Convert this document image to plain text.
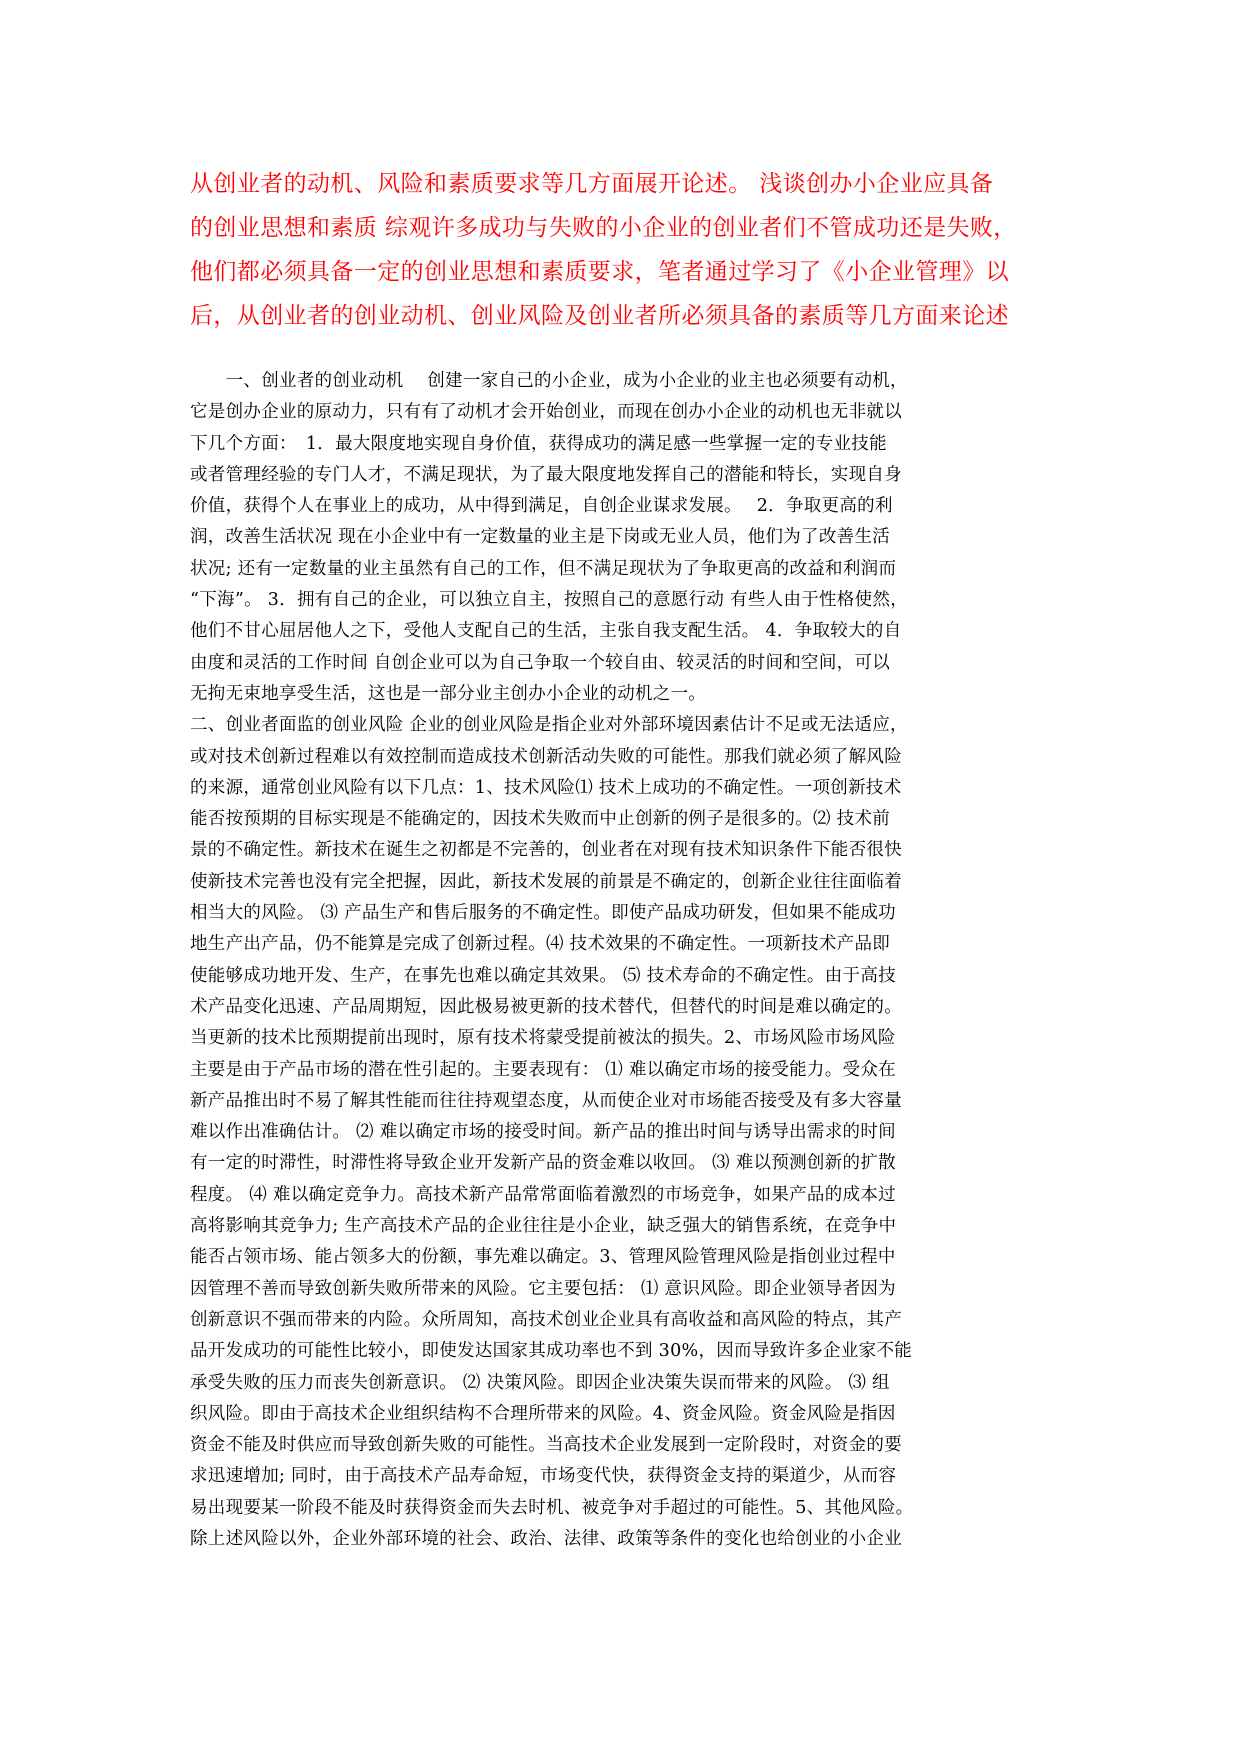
从创业者的动机、风险和素质要求等几方面展开论述。 浅谈创办小企业应具备
的创业思想和素质 综观许多成功与失败的小企业的创业者们不管成功还是失败，
他们都必须具备一定的创业思想和素质要求，笔者通过学习了《小企业管理》以
后，从创业者的创业动机、创业风险及创业者所必须具备的素质等几方面来论述
　　一、创业者的创业动机　 创建一家自己的小企业，成为小企业的业主也必须要有动机，
它是创办企业的原动力，只有有了动机才会开始创业，而现在创办小企业的动机也无非就以
下几个方面：　1．最大限度地实现自身价值，获得成功的满足感一些掌握一定的专业技能
或者管理经验的专门人才，不满足现状，为了最大限度地发挥自己的潜能和特长，实现自身
价值，获得个人在事业上的成功，从中得到满足，自创企业谋求发展。　 2．争取更高的利
润，改善生活状况 现在小企业中有一定数量的业主是下岗或无业人员，他们为了改善生活
状况; 还有一定数量的业主虽然有自己的工作，但不满足现状为了争取更高的改益和利润而
“下海”。 3．拥有自己的企业，可以独立自主，按照自己的意愿行动 有些人由于性格使然，
他们不甘心屈居他人之下，受他人支配自己的生活，主张自我支配生活。 4．争取较大的自
由度和灵活的工作时间 自创企业可以为自己争取一个较自由、较灵活的时间和空间，可以
无拘无束地享受生活，这也是一部分业主创办小企业的动机之一。
二、创业者面监的创业风险 企业的创业风险是指企业对外部环境因素估计不足或无法适应，
或对技术创新过程难以有效控制而造成技术创新活动失败的可能性。那我们就必须了解风险
的来源，通常创业风险有以下几点：1、技术风险⑴ 技术上成功的不确定性。一项创新技术
能否按预期的目标实现是不能确定的，因技术失败而中止创新的例子是很多的。⑵ 技术前
景的不确定性。新技术在诞生之初都是不完善的，创业者在对现有技术知识条件下能否很快
使新技术完善也没有完全把握，因此，新技术发展的前景是不确定的，创新企业往往面临着
相当大的风险。 ⑶ 产品生产和售后服务的不确定性。即使产品成功研发，但如果不能成功
地生产出产品，仍不能算是完成了创新过程。⑷ 技术效果的不确定性。一项新技术产品即
使能够成功地开发、生产，在事先也难以确定其效果。 ⑸ 技术寿命的不确定性。由于高技
术产品变化迅速、产品周期短，因此极易被更新的技术替代，但替代的时间是难以确定的。
当更新的技术比预期提前出现时，原有技术将蒙受提前被汰的损失。2、市场风险市场风险
主要是由于产品市场的潜在性引起的。主要表现有： ⑴ 难以确定市场的接受能力。受众在
新产品推出时不易了解其性能而往往持观望态度，从而使企业对市场能否接受及有多大容量
难以作出准确估计。 ⑵ 难以确定市场的接受时间。新产品的推出时间与诱导出需求的时间
有一定的时滞性，时滞性将导致企业开发新产品的资金难以收回。 ⑶ 难以预测创新的扩散
程度。 ⑷ 难以确定竞争力。高技术新产品常常面临着激烈的市场竞争，如果产品的成本过
高将影响其竞争力; 生产高技术产品的企业往往是小企业，缺乏强大的销售系统，在竞争中
能否占领市场、能占领多大的份额，事先难以确定。3、管理风险管理风险是指创业过程中
因管理不善而导致创新失败所带来的风险。它主要包括： ⑴ 意识风险。即企业领导者因为
创新意识不强而带来的内险。众所周知，高技术创业企业具有高收益和高风险的特点，其产
品开发成功的可能性比较小，即使发达国家其成功率也不到 30%，因而导致许多企业家不能
承受失败的压力而丧失创新意识。 ⑵ 决策风险。即因企业决策失误而带来的风险。 ⑶ 组
织风险。即由于高技术企业组织结构不合理所带来的风险。4、资金风险。资金风险是指因
资金不能及时供应而导致创新失败的可能性。当高技术企业发展到一定阶段时，对资金的要
求迅速增加; 同时，由于高技术产品寿命短，市场变代快，获得资金支持的渠道少，从而容
易出现要某一阶段不能及时获得资金而失去时机、被竞争对手超过的可能性。5、其他风险。
除上述风险以外，企业外部环境的社会、政治、法律、政策等条件的变化也给创业的小企业
